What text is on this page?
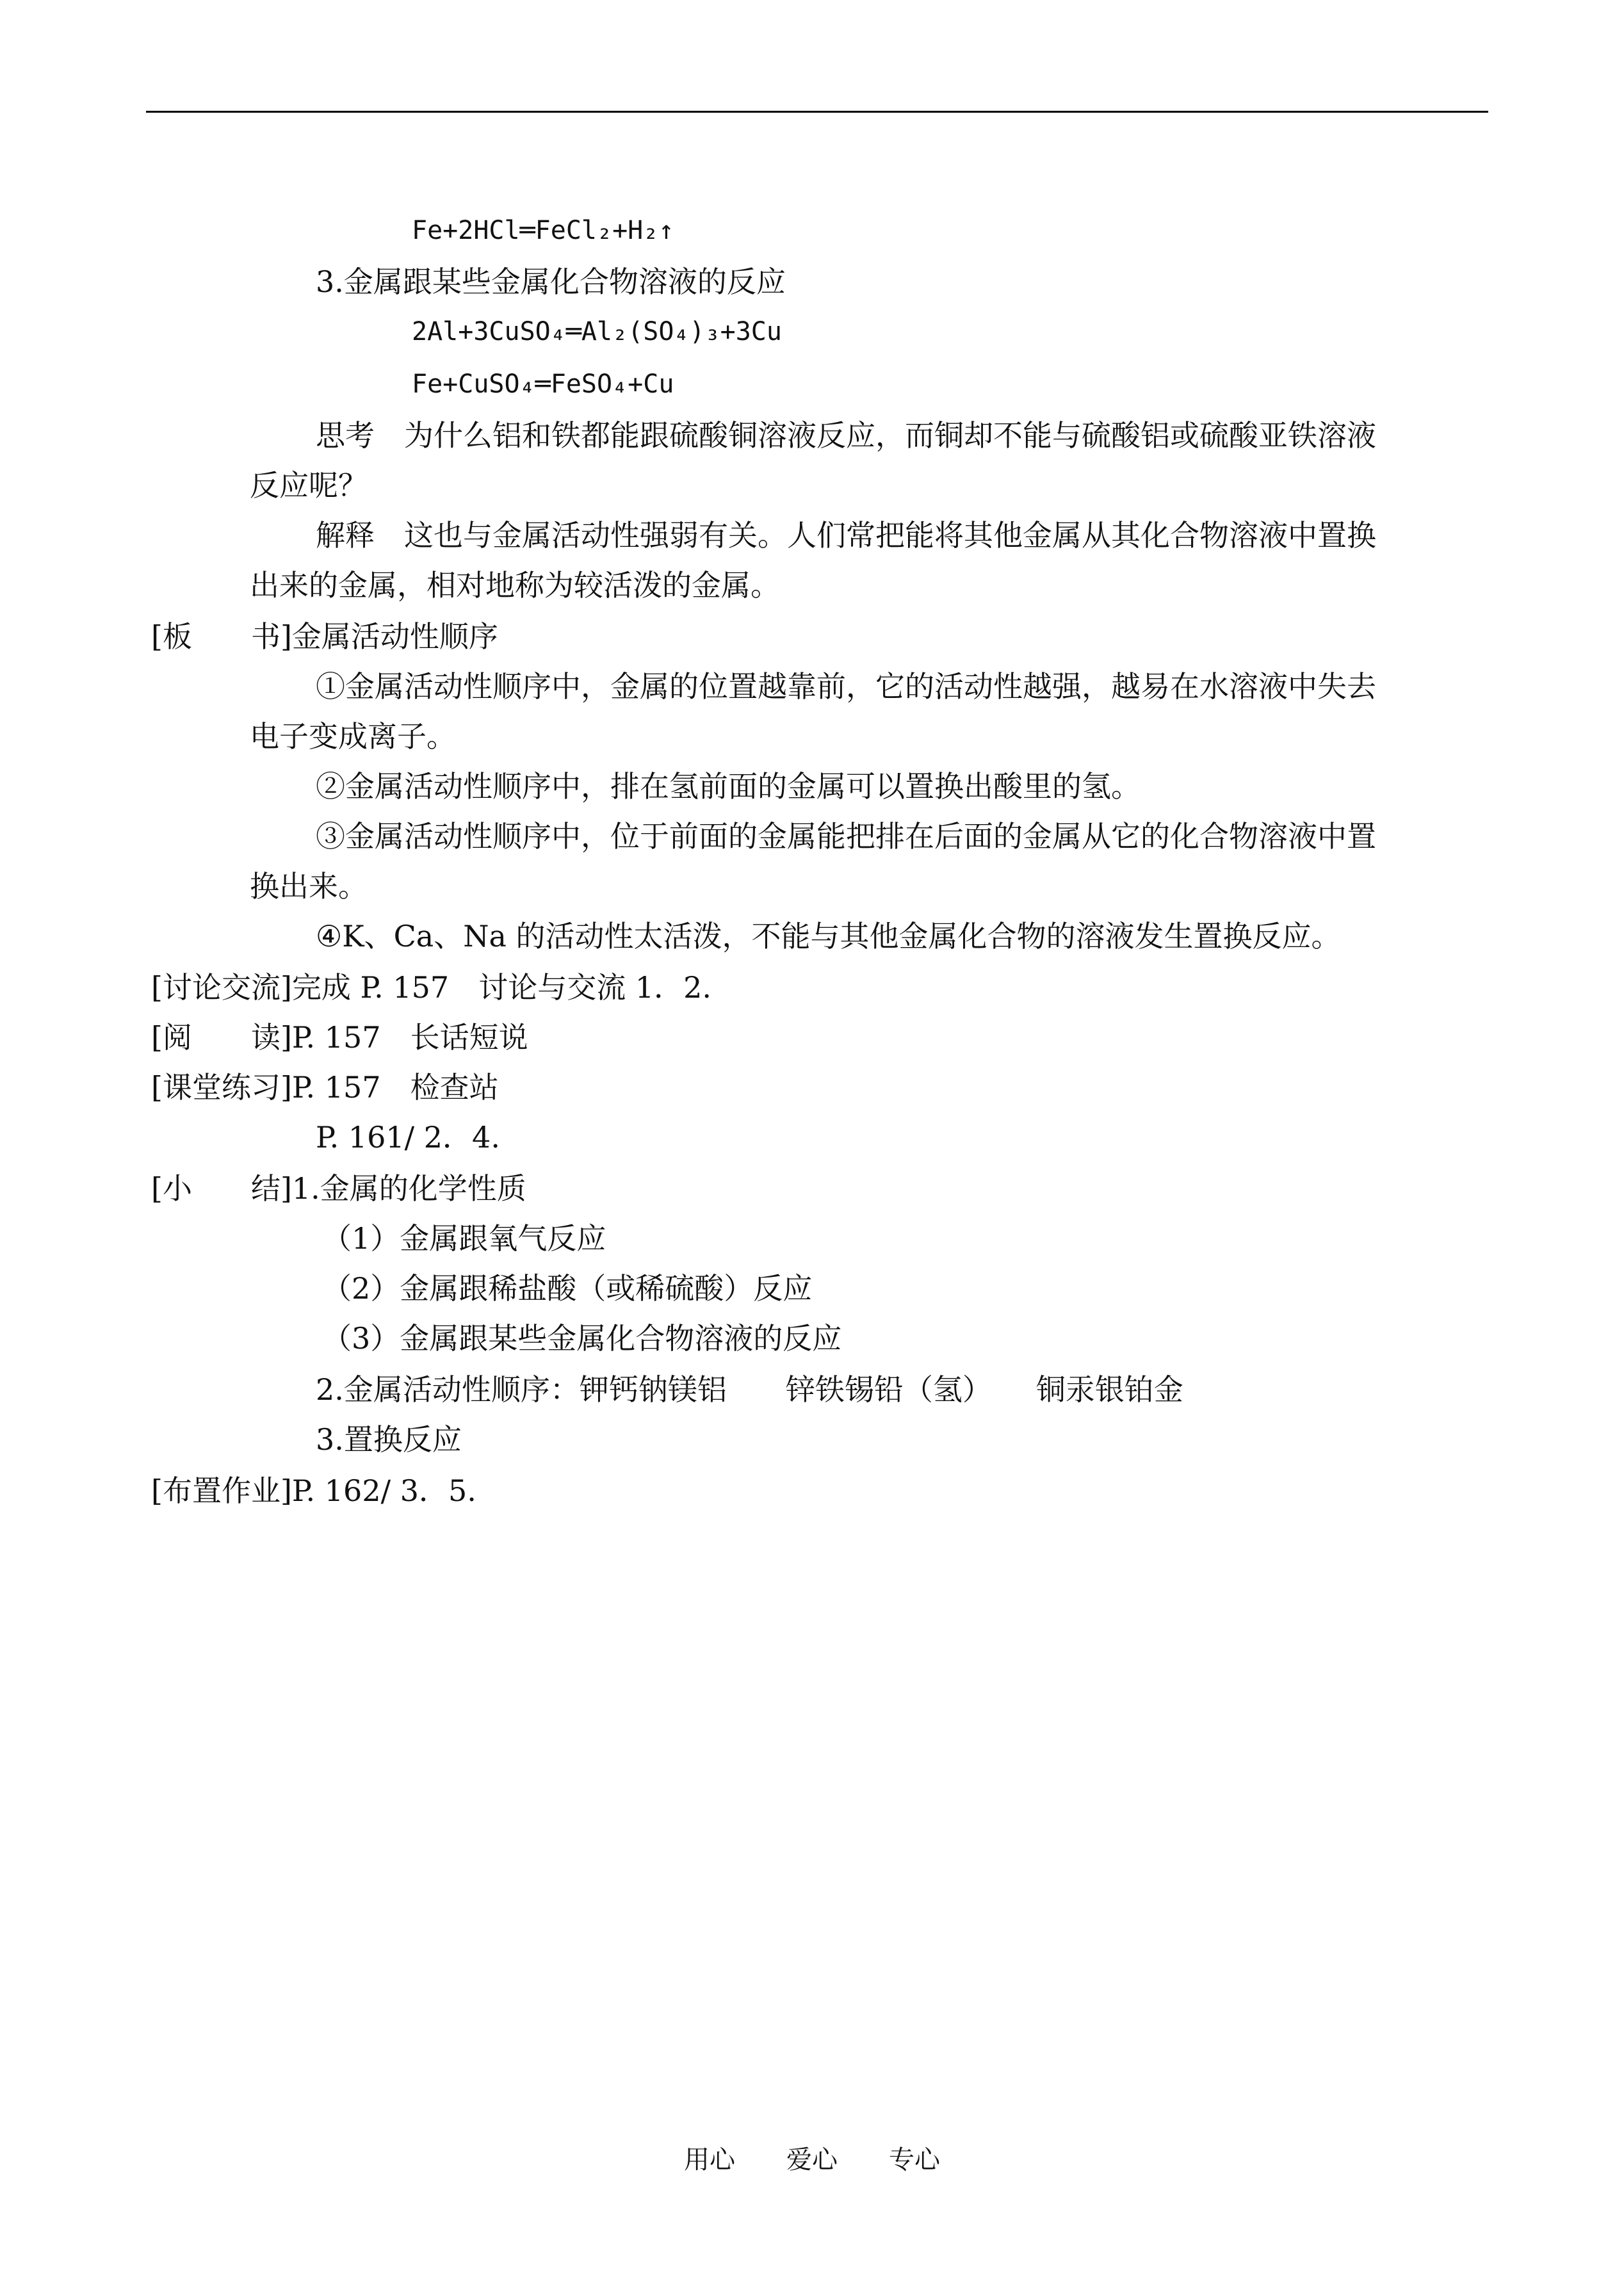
Fe+2HCl═FeCl₂+H₂↑
3.金属跟某些金属化合物溶液的反应
2Al+3CuSO₄═Al₂(SO₄)₃+3Cu
Fe+CuSO₄═FeSO₄+Cu
思考　 为什么铝和铁都能跟硫酸铜溶液反应，而铜却不能与硫酸铝或硫酸亚铁溶液
反应呢？
解释　 这也与金属活动性强弱有关。人们常把能将其他金属从其化合物溶液中置换
出来的金属，相对地称为较活泼的金属。
[板　　书]金属活动性顺序
①金属活动性顺序中，金属的位置越靠前，它的活动性越强，越易在水溶液中失去
电子变成离子。
②金属活动性顺序中，排在氢前面的金属可以置换出酸里的氢。
③金属活动性顺序中，位于前面的金属能把排在后面的金属从它的化合物溶液中置
换出来。
④K、Ca、Na 的活动性太活泼，不能与其他金属化合物的溶液发生置换反应。
[讨论交流]完成 P. 157　讨论与交流 1．2.
[阅　　读]P. 157　长话短说
[课堂练习]P. 157　检查站
P. 161/ 2．4.
[小　　结]1.金属的化学性质
（1）金属跟氧气反应
（2）金属跟稀盐酸（或稀硫酸）反应
（3）金属跟某些金属化合物溶液的反应
2.金属活动性顺序：钾钙钠镁铝　　锌铁锡铅（氢）　　铜汞银铂金
3.置换反应
[布置作业]P. 162/ 3．5.
用心　　爱心　　专心
